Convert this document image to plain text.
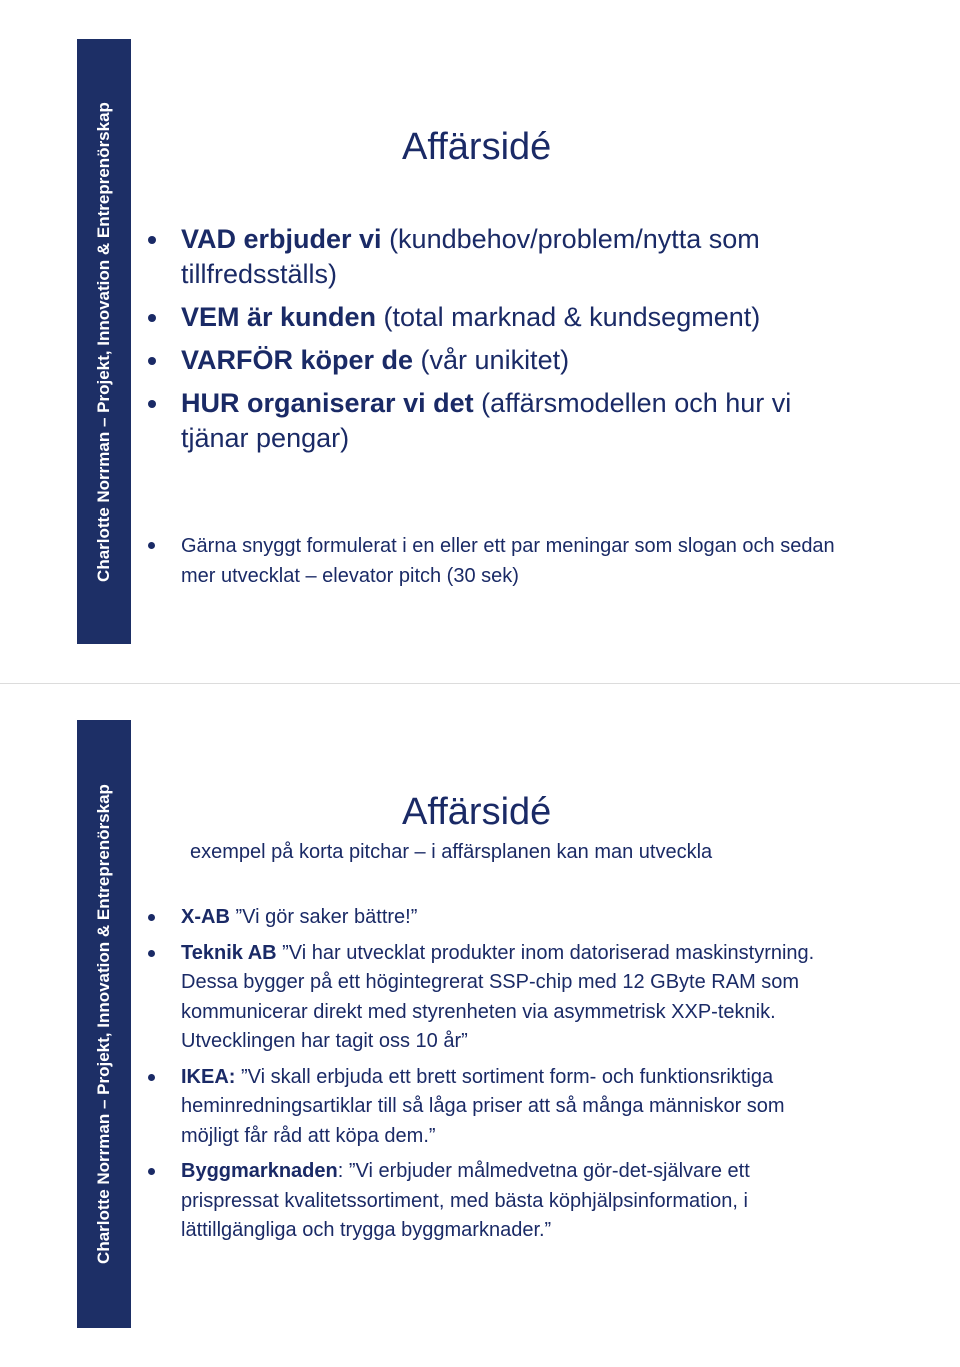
Charlotte Norrman – Projekt, Innovation & Entreprenörskap	Affärsidé
VAD erbjuder vi (kundbehov/problem/nytta som tillfredsställs)
VEM är kunden (total marknad & kundsegment)
VARFÖR köper de (vår unikitet)
HUR organiserar vi det (affärsmodellen och hur vi tjänar pengar)
Gärna snyggt formulerat i en eller ett par meningar som slogan och sedan mer utvecklat – elevator pitch (30 sek)
Charlotte Norrman – Projekt, Innovation & Entreprenörskap	Affärsidé
exempel på korta pitchar – i affärsplanen kan man utveckla
X-AB ”Vi gör saker bättre!”
Teknik AB ”Vi har utvecklat produkter inom datoriserad maskinstyrning. Dessa bygger på ett högintegrerat SSP-chip med 12 GByte RAM som kommunicerar direkt med styrenheten via asymmetrisk XXP-teknik. Utvecklingen har tagit oss 10 år”
IKEA: ”Vi skall erbjuda ett brett sortiment form- och funktionsriktiga heminredningsartiklar till så låga priser att så många människor som möjligt får råd att köpa dem.”
Byggmarknaden: ”Vi erbjuder målmedvetna gör-det-självare ett prispressat kvalitetssortiment, med bästa köphjälpsinformation, i lättillgängliga och trygga byggmarknader.”
